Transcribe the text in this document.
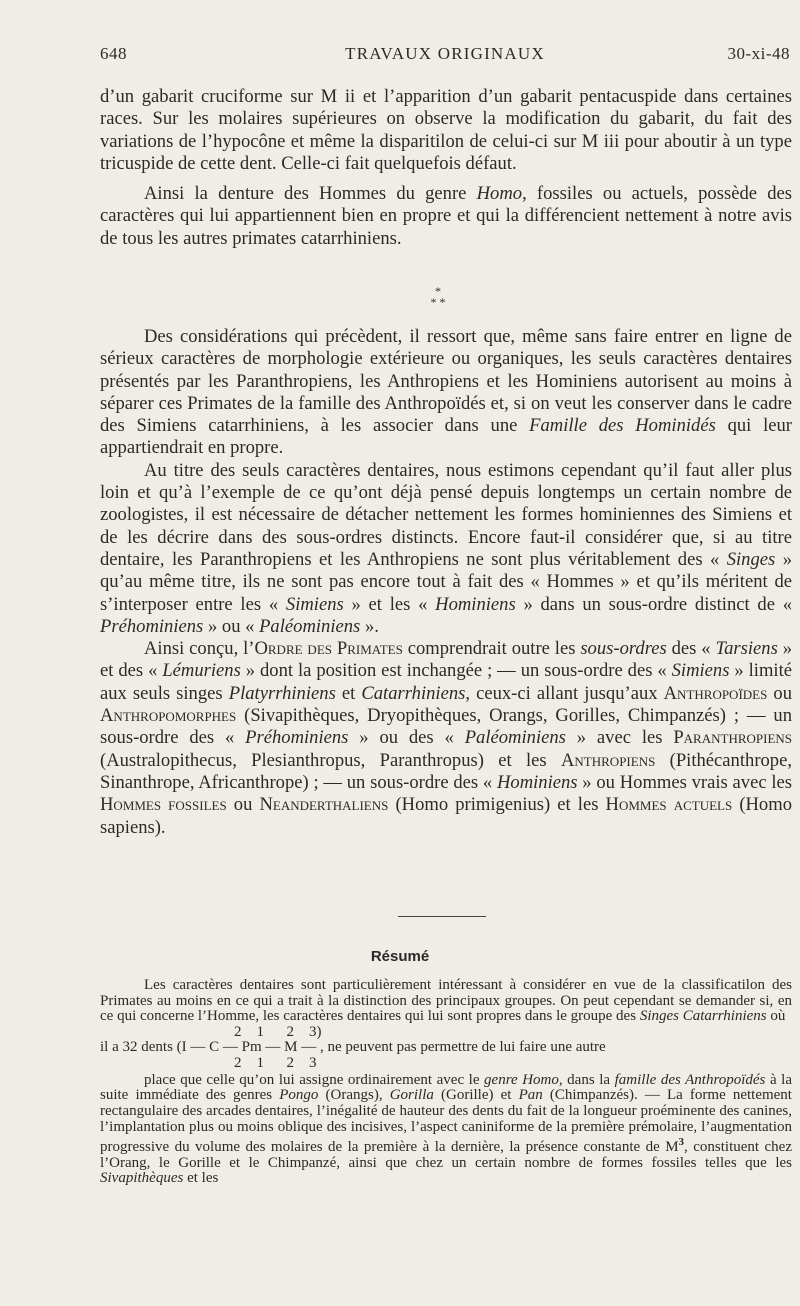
648	TRAVAUX ORIGINAUX	30-xi-48

d’un gabarit cruciforme sur M ii et l’apparition d’un gabarit pentacuspide dans certaines races. Sur les molaires supérieures on observe la modification du gabarit, du fait des variations de l’hypocône et même la disparitilon de celui-ci sur M iii pour aboutir à un type tricuspide de cette dent. Celle-ci fait quelquefois défaut.

Ainsi la denture des Hommes du genre Homo, fossiles ou actuels, possède des caractères qui lui appartiennent bien en propre et qui la différencient nettement à notre avis de tous les autres primates catarrhiniens.

*
* *

Des considérations qui précèdent, il ressort que, même sans faire entrer en ligne de sérieux caractères de morphologie extérieure ou organiques, les seuls caractères dentaires présentés par les Paranthropiens, les Anthropiens et les Hominiens autorisent au moins à séparer ces Primates de la famille des Anthropoïdés et, si on veut les conserver dans le cadre des Simiens catarrhiniens, à les associer dans une Famille des Hominidés qui leur appartiendrait en propre.

Au titre des seuls caractères dentaires, nous estimons cependant qu’il faut aller plus loin et qu’à l’exemple de ce qu’ont déjà pensé depuis longtemps un certain nombre de zoologistes, il est nécessaire de détacher nettement les formes hominiennes des Simiens et de les décrire dans des sous-ordres distincts. Encore faut-il considérer que, si au titre dentaire, les Paranthropiens et les Anthropiens ne sont plus véritablement des « Singes » qu’au même titre, ils ne sont pas encore tout à fait des « Hommes » et qu’ils méritent de s’interposer entre les « Simiens » et les « Hominiens » dans un sous-ordre distinct de « Préhominiens » ou « Paléominiens ».

Ainsi conçu, l’Ordre des Primates comprendrait outre les sous-ordres des « Tarsiens » et des « Lémuriens » dont la position est inchangée ; — un sous-ordre des « Simiens » limité aux seuls singes Platyrrhiniens et Catarrhiniens, ceux-ci allant jusqu’aux Anthropoïdes ou Anthropomorphes (Sivapithèques, Dryopithèques, Orangs, Gorilles, Chimpanzés) ; — un sous-ordre des « Préhominiens » ou des « Paléominiens » avec les Paranthropiens (Australopithecus, Plesianthropus, Paranthropus) et les Anthropiens (Pithécanthrope, Sinanthrope, Africanthrope) ; — un sous-ordre des « Hominiens » ou Hommes vrais avec les Hommes fossiles ou Neanderthaliens (Homo primigenius) et les Hommes actuels (Homo sapiens).

Résumé

Les caractères dentaires sont particulièrement intéressant à considérer en vue de la classificatilon des Primates au moins en ce qui a trait à la distinction des principaux groupes. On peut cependant se demander si, en ce qui concerne l’Homme, les caractères dentaires qui lui sont propres dans le groupe des Singes Catarrhiniens où

2    1      2    3)
il a 32 dents (I — C — Pm — M — , ne peuvent pas permettre de lui faire une autre
2    1      2    3

place que celle qu’on lui assigne ordinairement avec le genre Homo, dans la famille des Anthropoïdés à la suite immédiate des genres Pongo (Orangs), Gorilla (Gorille) et Pan (Chimpanzés). — La forme nettement rectangulaire des arcades dentaires, l’inégalité de hauteur des dents du fait de la longueur proéminente des canines, l’implantation plus ou moins oblique des incisives, l’aspect caniniforme de la première prémolaire, l’augmentation progressive du volume des molaires de la première à la dernière, la présence constante de $M^3$, constituent chez l’Orang, le Gorille et le Chimpanzé, ainsi que chez un certain nombre de formes fossiles telles que les Sivapithèques et les
